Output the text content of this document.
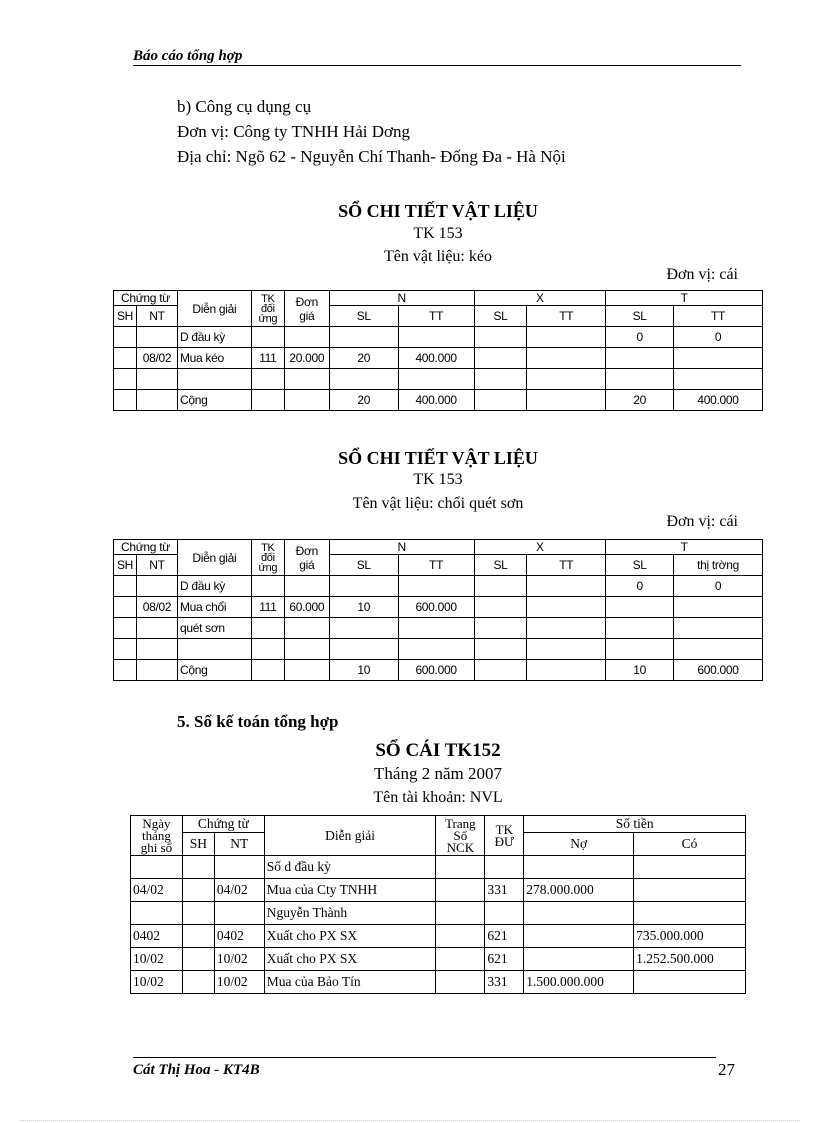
Báo cáo tổng hợp
b) Công cụ dụng cụ
Đơn vị: Công ty TNHH Hải Dơng
Địa chỉ: Ngõ 62 - Nguyễn Chí Thanh- Đống Đa - Hà Nội
SỔ CHI TIẾT VẬT LIỆU
TK 153
Tên vật liệu: kéo
Đơn vị: cái
Chứng từ		Diễn giải	TK đối ứng	Đơn giá	N		X		T	
SH	NT				SL	TT	SL	TT	SL	TT
		D đầu kỳ							0	0
	08/02	Mua kéo	111	20.000	20	400.000				

		Cộng			20	400.000			20	400.000
SỔ CHI TIẾT VẬT LIỆU
TK 153
Tên vật liệu: chổi quét sơn
Đơn vị: cái
Chứng từ		Diễn giải	TK đối ứng	Đơn giá	N		X		T	
SH	NT				SL	TT	SL	TT	SL	thị trờng
		D đầu kỳ							0	0
	08/02	Mua chổi	111	60.000	10	600.000				
		quét sơn								

		Cộng			10	600.000			10	600.000
5. Sổ kế toán tổng hợp
SỔ CÁI TK152
Tháng 2 năm 2007
Tên tài khoản: NVL
Ngày tháng ghi sổ	Chứng từ		Diễn giải	Trang Sổ NCK	TK ĐƯ	Số tiền	
	SH	NT				Nợ	Có
			Số d đầu kỳ				
04/02		04/02	Mua của Cty TNHH		331	278.000.000	
			Nguyễn Thành				
0402		0402	Xuất cho PX SX		621		735.000.000
10/02		10/02	Xuất cho PX SX		621		1.252.500.000
10/02		10/02	Mua của Bảo Tín		331	1.500.000.000	
Cát Thị Hoa - KT4B	27
